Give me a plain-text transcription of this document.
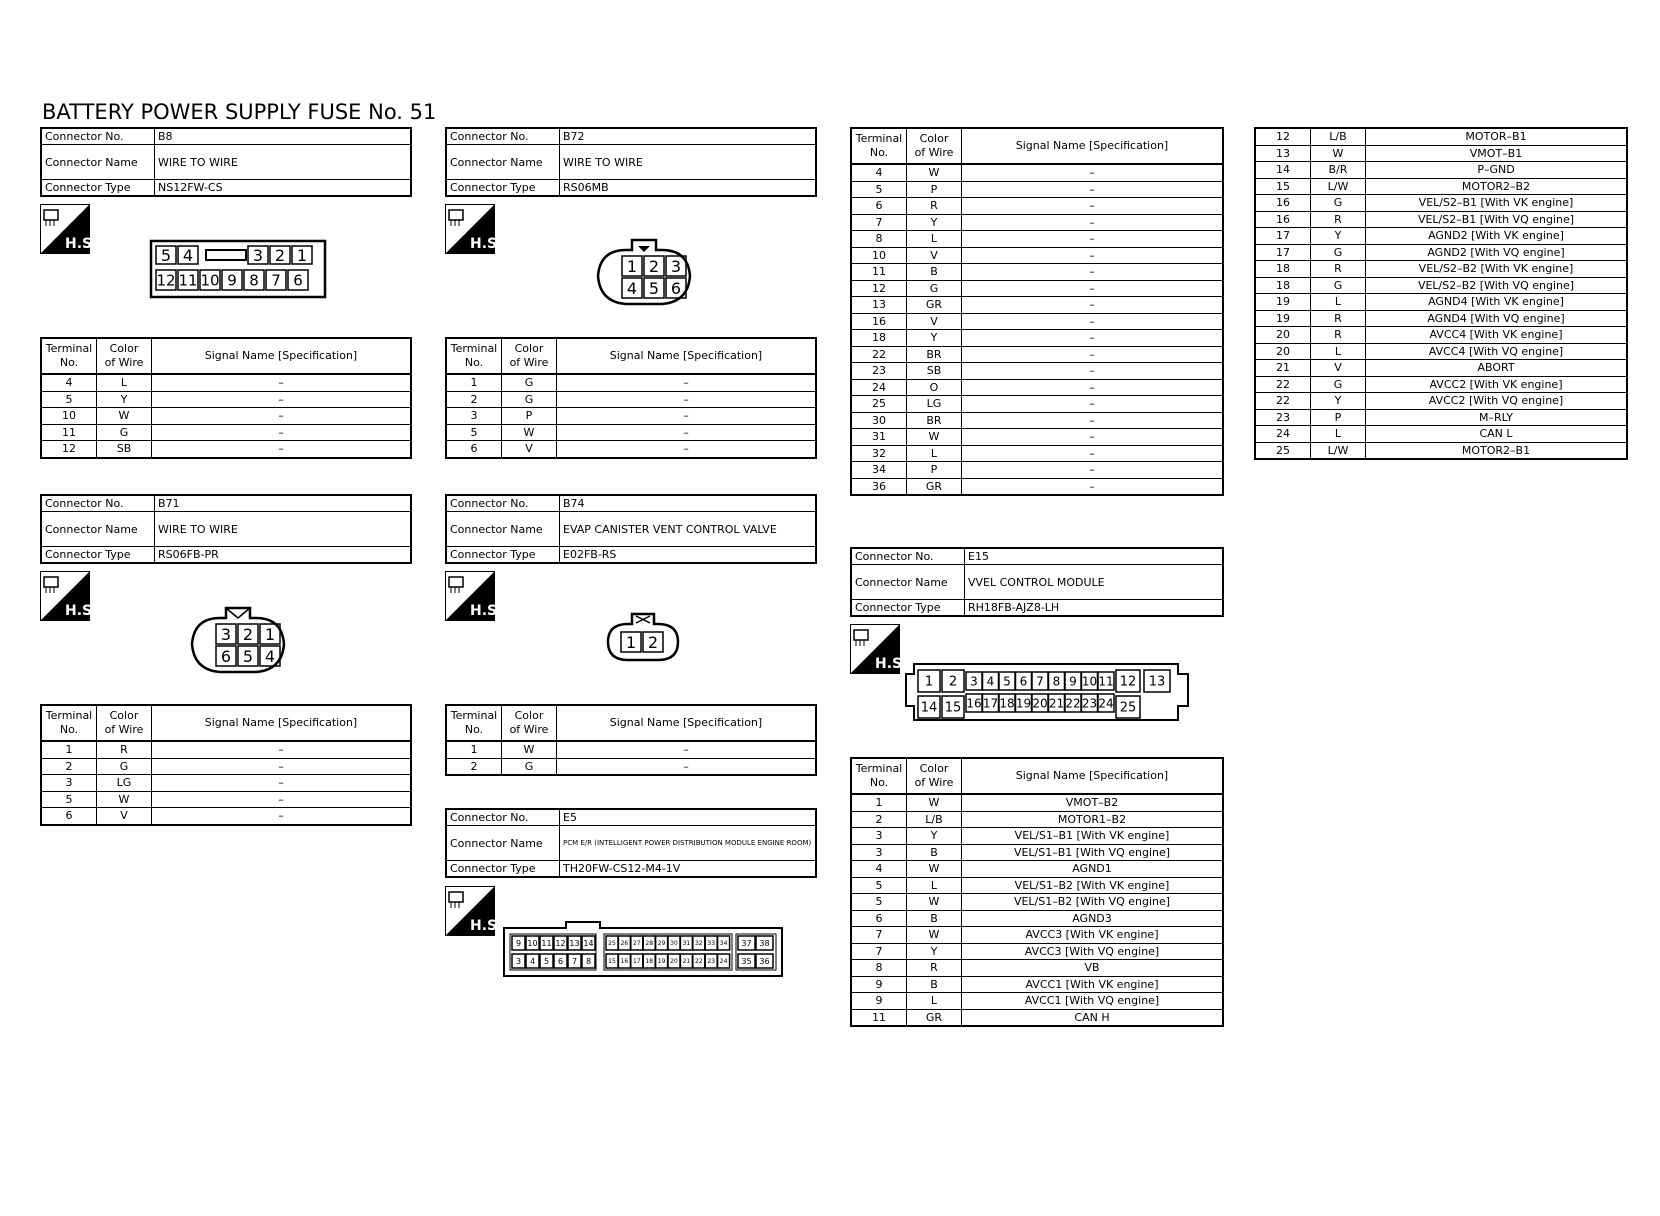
BATTERY POWER SUPPLY FUSE No. 51
Connector No.	B8
Connector Name	WIRE TO WIRE
Connector Type	NS12FW-CS
H.S.
5 4	3 2 1
12 11 10 9 8 7 6
Terminal
No.	Color
of Wire	Signal Name [Specification]
4	L	–
5	Y	–
10	W	–
11	G	–
12	SB	–
Connector No.	B72
Connector Name	WIRE TO WIRE
Connector Type	RS06MB
H.S.
1 2 3
4 5 6
Terminal
No.	Color
of Wire	Signal Name [Specification]
1	G	–
2	G	–
3	P	–
5	W	–
6	V	–
Connector No.	B71
Connector Name	WIRE TO WIRE
Connector Type	RS06FB-PR
H.S.
3 2 1
6 5 4
Terminal
No.	Color
of Wire	Signal Name [Specification]
1	R	–
2	G	–
3	LG	–
5	W	–
6	V	–
Connector No.	B74
Connector Name	EVAP CANISTER VENT CONTROL VALVE
Connector Type	E02FB-RS
H.S.
1 2
Terminal
No.	Color
of Wire	Signal Name [Specification]
1	W	–
2	G	–
Connector No.	E5
Connector Name	PCM E/R (INTELLIGENT POWER DISTRIBUTION MODULE ENGINE ROOM)
Connector Type	TH20FW-CS12-M4-1V
H.S.
9 10 11 12 13 14
3 4 5 6 7 8
25 26 27 28 29 30 31 32 33 34
15 16 17 18 19 20 21 22 23 24
37 38
35 36
Terminal
No.	Color
of Wire	Signal Name [Specification]
4	W	–
5	P	–
6	R	–
7	Y	–
8	L	–
10	V	–
11	B	–
12	G	–
13	GR	–
16	V	–
18	Y	–
22	BR	–
23	SB	–
24	O	–
25	LG	–
30	BR	–
31	W	–
32	L	–
34	P	–
36	GR	–
Connector No.	E15
Connector Name	VVEL CONTROL MODULE
Connector Type	RH18FB-AJZ8-LH
H.S.
1 2 3 4 5 6 7 8 9 10 11 12 13
14 15 16 17 18 19 20 21 22 23 24 25
Terminal
No.	Color
of Wire	Signal Name [Specification]
1	W	VMOT–B2
2	L/B	MOTOR1–B2
3	Y	VEL/S1–B1 [With VK engine]
3	B	VEL/S1–B1 [With VQ engine]
4	W	AGND1
5	L	VEL/S1–B2 [With VK engine]
5	W	VEL/S1–B2 [With VQ engine]
6	B	AGND3
7	W	AVCC3 [With VK engine]
7	Y	AVCC3 [With VQ engine]
8	R	VB
9	B	AVCC1 [With VK engine]
9	L	AVCC1 [With VQ engine]
11	GR	CAN H
12	L/B	MOTOR–B1
13	W	VMOT–B1
14	B/R	P–GND
15	L/W	MOTOR2–B2
16	G	VEL/S2–B1 [With VK engine]
16	R	VEL/S2–B1 [With VQ engine]
17	Y	AGND2 [With VK engine]
17	G	AGND2 [With VQ engine]
18	R	VEL/S2–B2 [With VK engine]
18	G	VEL/S2–B2 [With VQ engine]
19	L	AGND4 [With VK engine]
19	R	AGND4 [With VQ engine]
20	R	AVCC4 [With VK engine]
20	L	AVCC4 [With VQ engine]
21	V	ABORT
22	G	AVCC2 [With VK engine]
22	Y	AVCC2 [With VQ engine]
23	P	M–RLY
24	L	CAN L
25	L/W	MOTOR2–B1
